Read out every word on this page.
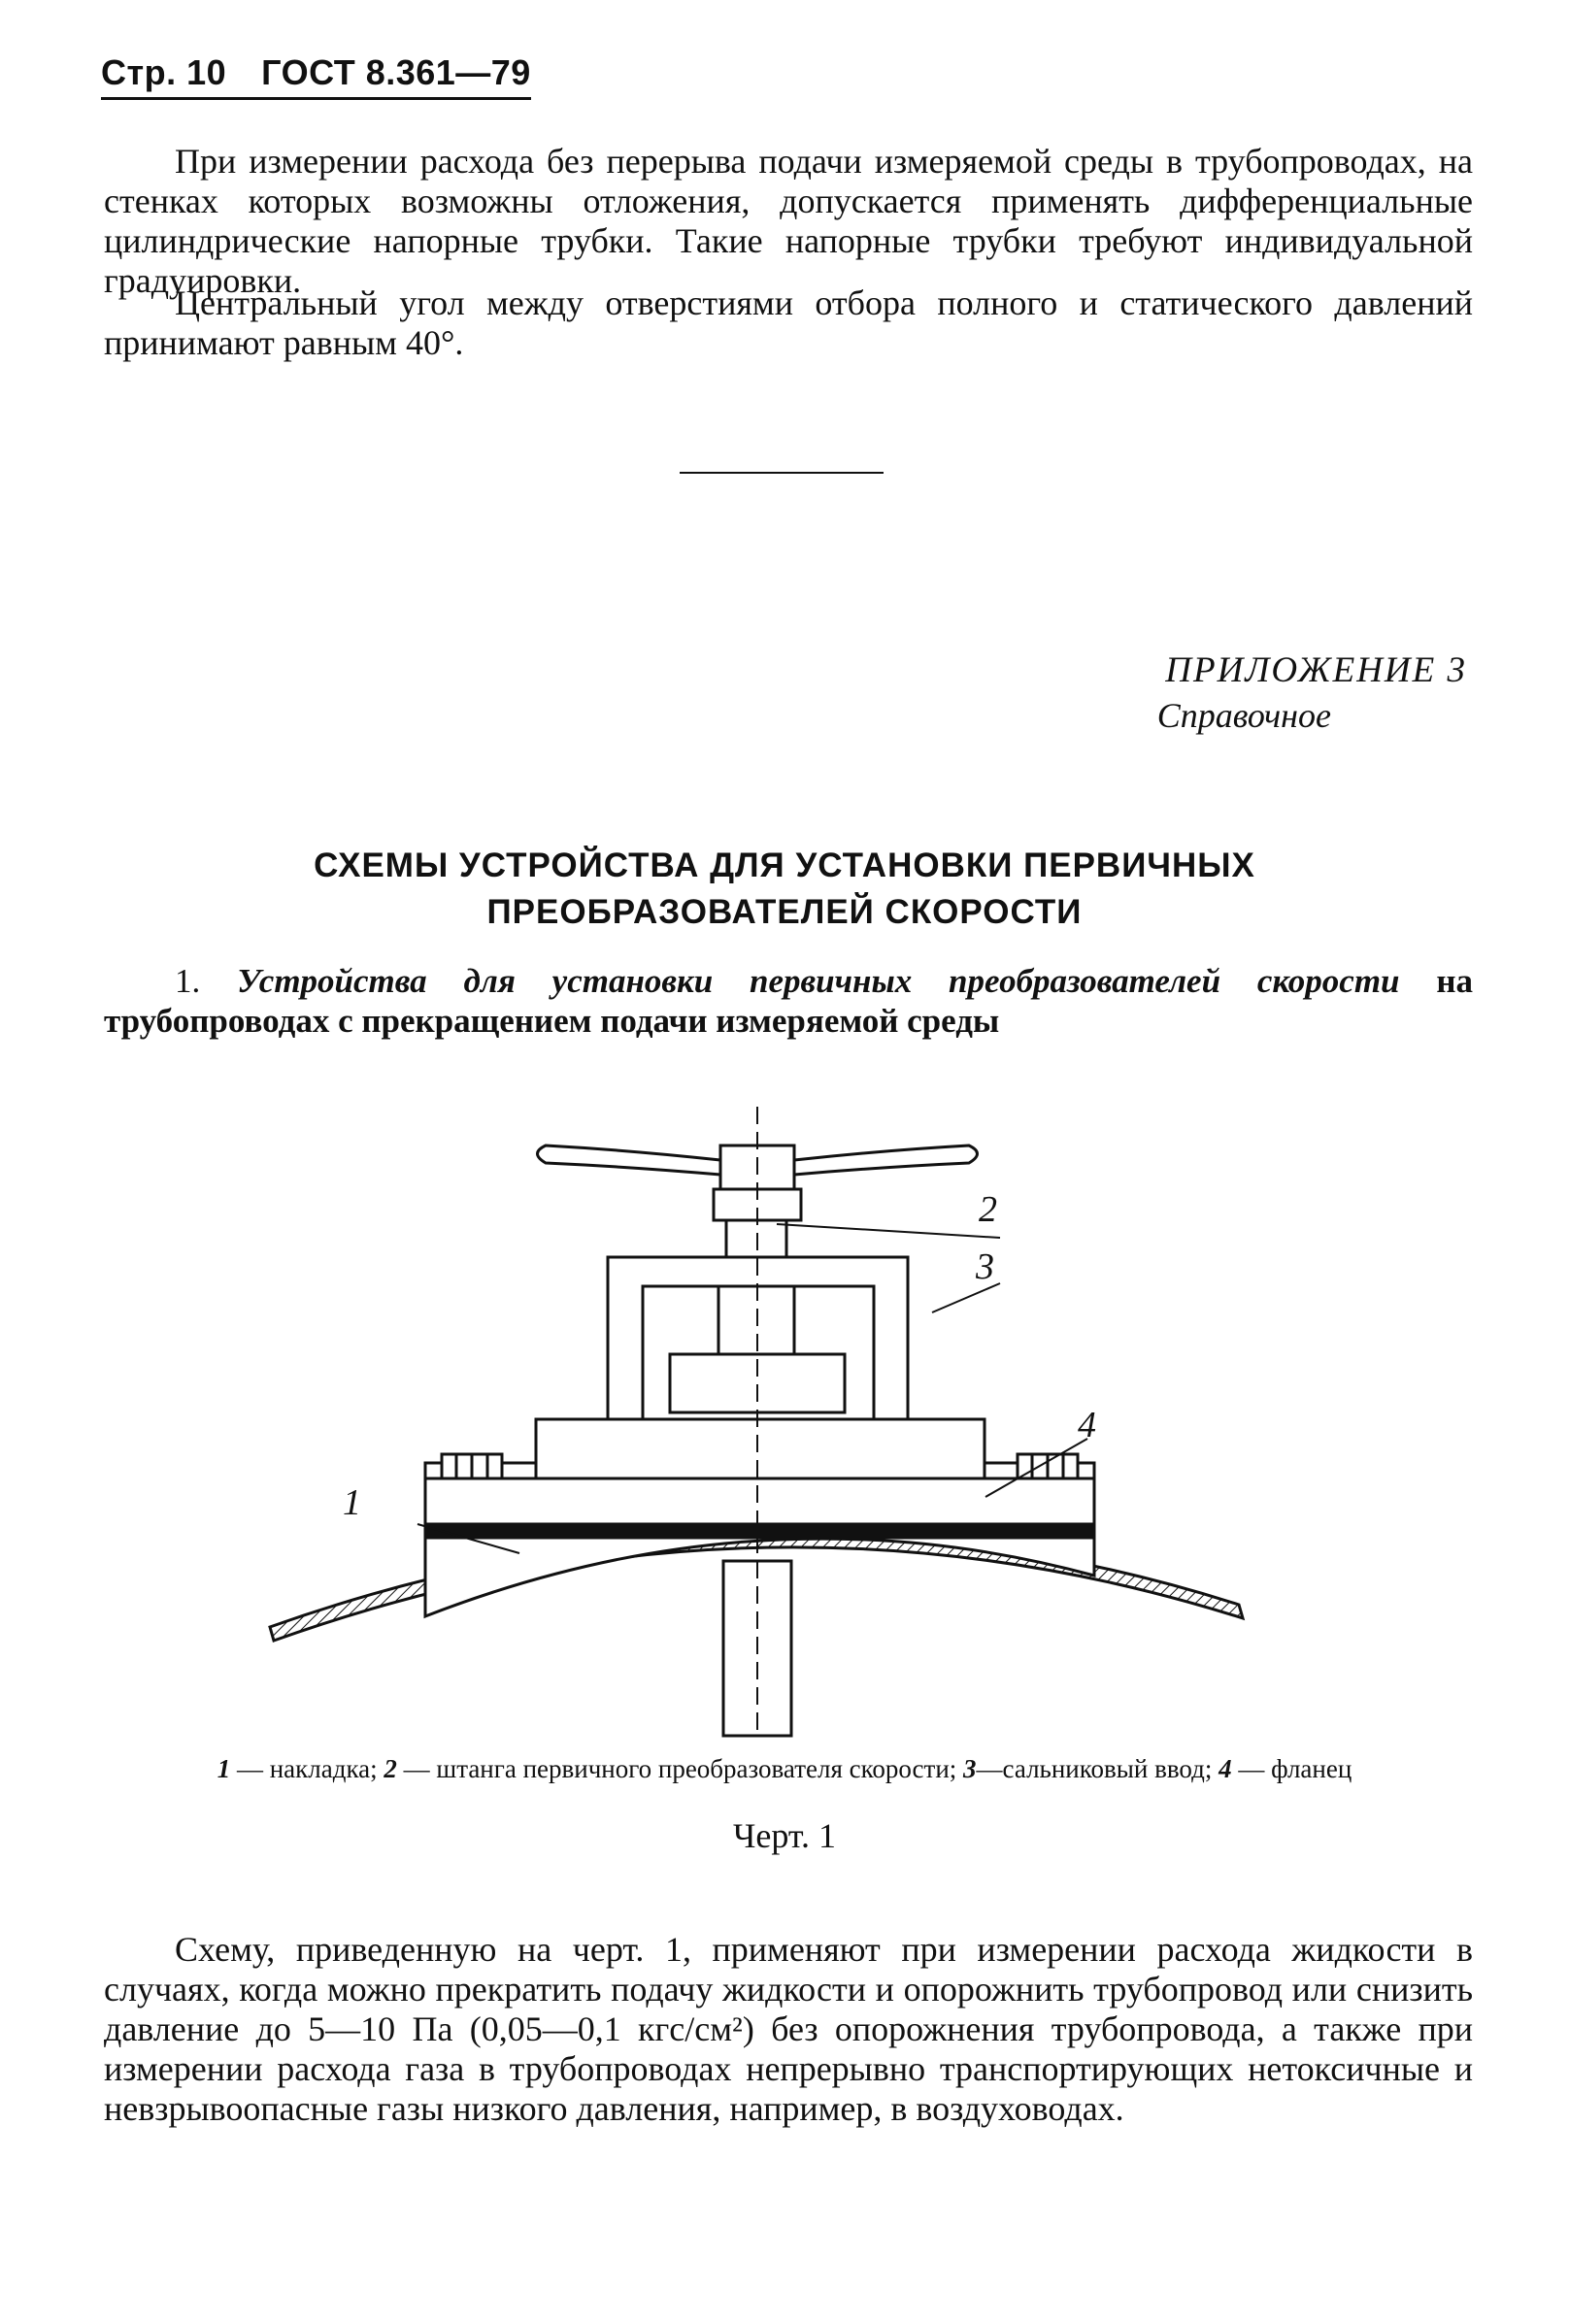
Стр. 10 ГОСТ 8.361—79

При измерении расхода без перерыва подачи измеряемой среды в трубопроводах, на стенках которых возможны отложения, допускается применять дифференциальные цилиндрические напорные трубки. Такие напорные трубки требуют индивидуальной градуировки.

Центральный угол между отверстиями отбора полного и статического давлений принимают равным 40°.

ПРИЛОЖЕНИЕ 3
Справочное
СХЕМЫ УСТРОЙСТВА ДЛЯ УСТАНОВКИ ПЕРВИЧНЫХ
ПРЕОБРАЗОВАТЕЛЕЙ СКОРОСТИ

1. Устройства для установки первичных преобразователей скорости на трубопроводах с прекращением подачи измеряемой среды

2
3
4
1
1 — накладка; 2 — штанга первичного преобразователя скорости; 3—сальниковый ввод; 4 — фланец
Черт. 1

Схему, приведенную на черт. 1, применяют при измерении расхода жидкости в случаях, когда можно прекратить подачу жидкости и опорожнить трубопровод или снизить давление до 5—10 Па (0,05—0,1 кгс/см²) без опорожнения трубопровода, а также при измерении расхода газа в трубопроводах непрерывно транспортирующих нетоксичные и невзрывоопасные газы низкого давления, например, в воздуховодах.
